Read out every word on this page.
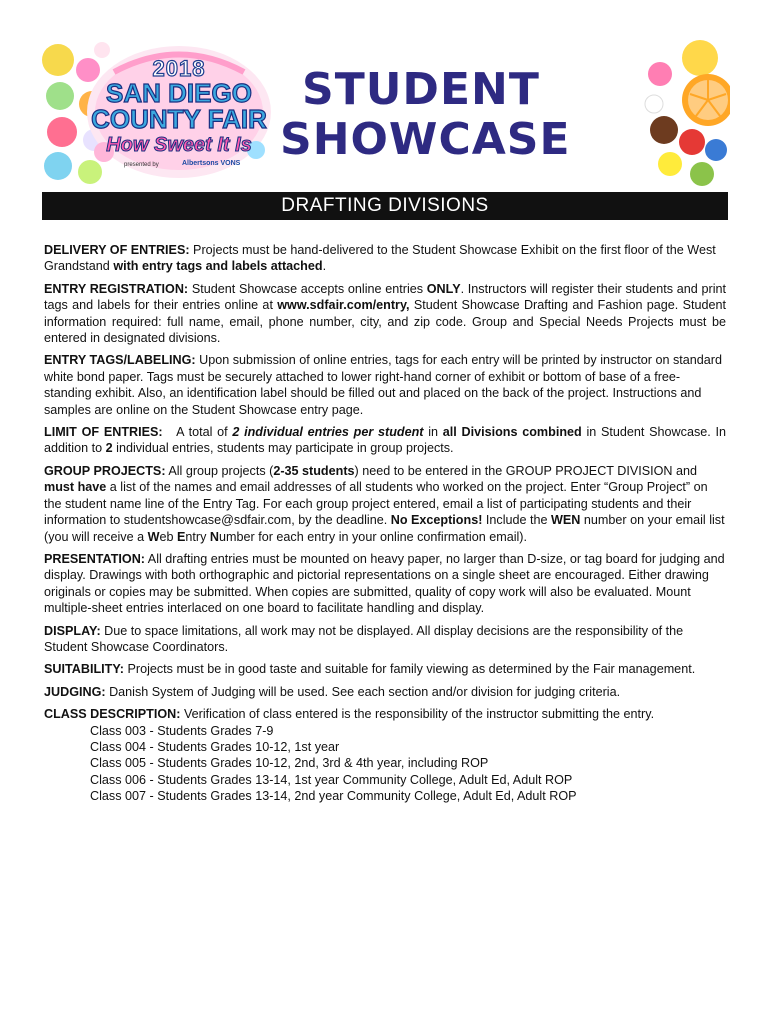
2018
SAN DIEGO
COUNTY FAIR
How Sweet It Is
presented by	Albertsons VONS
STUDENT
SHOWCASE
DRAFTING DIVISIONS

DELIVERY OF ENTRIES: Projects must be hand-delivered to the Student Showcase Exhibit on the first floor of the West Grandstand with entry tags and labels attached.

ENTRY REGISTRATION: Student Showcase accepts online entries ONLY. Instructors will register their students and print tags and labels for their entries online at www.sdfair.com/entry, Student Showcase Drafting and Fashion page. Student information required: full name, email, phone number, city, and zip code. Group and Special Needs Projects must be entered in designated divisions.

ENTRY TAGS/LABELING: Upon submission of online entries, tags for each entry will be printed by instructor on standard white bond paper. Tags must be securely attached to lower right-hand corner of exhibit or bottom of base of a free-standing exhibit. Also, an identification label should be filled out and placed on the back of the project. Instructions and samples are online on the Student Showcase entry page.

LIMIT OF ENTRIES:   A total of 2 individual entries per student in all Divisions combined in Student Showcase. In addition to 2 individual entries, students may participate in group projects.

GROUP PROJECTS: All group projects (2-35 students) need to be entered in the GROUP PROJECT DIVISION and must have a list of the names and email addresses of all students who worked on the project. Enter “Group Project” on the student name line of the Entry Tag. For each group project entered, email a list of participating students and their information to studentshowcase@sdfair.com, by the deadline. No Exceptions! Include the WEN number on your email list (you will receive a Web Entry Number for each entry in your online confirmation email).

PRESENTATION: All drafting entries must be mounted on heavy paper, no larger than D-size, or tag board for judging and display. Drawings with both orthographic and pictorial representations on a single sheet are encouraged. Either drawing originals or copies may be submitted. When copies are submitted, quality of copy work will also be evaluated. Mount multiple-sheet entries interlaced on one board to facilitate handling and display.

DISPLAY: Due to space limitations, all work may not be displayed. All display decisions are the responsibility of the Student Showcase Coordinators.

SUITABILITY: Projects must be in good taste and suitable for family viewing as determined by the Fair management.

JUDGING: Danish System of Judging will be used. See each section and/or division for judging criteria.

CLASS DESCRIPTION: Verification of class entered is the responsibility of the instructor submitting the entry.
Class 003 - Students Grades 7-9
Class 004 - Students Grades 10-12, 1st year
Class 005 - Students Grades 10-12, 2nd, 3rd & 4th year, including ROP
Class 006 - Students Grades 13-14, 1st year Community College, Adult Ed, Adult ROP
Class 007 - Students Grades 13-14, 2nd year Community College, Adult Ed, Adult ROP
